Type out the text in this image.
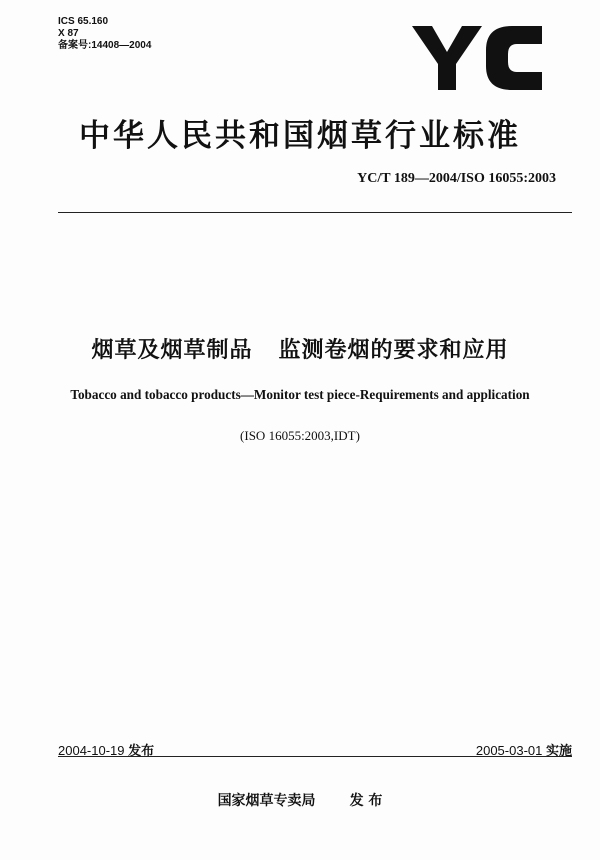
ICS 65.160
X 87
备案号:14408—2004
中华人民共和国烟草行业标准
YC/T 189—2004/ISO 16055:2003
烟草及烟草制品 监测卷烟的要求和应用
Tobacco and tobacco products—Monitor test piece-Requirements and application
(ISO 16055:2003,IDT)
2004-10-19 发布	2005-03-01 实施
国家烟草专卖局 发 布
